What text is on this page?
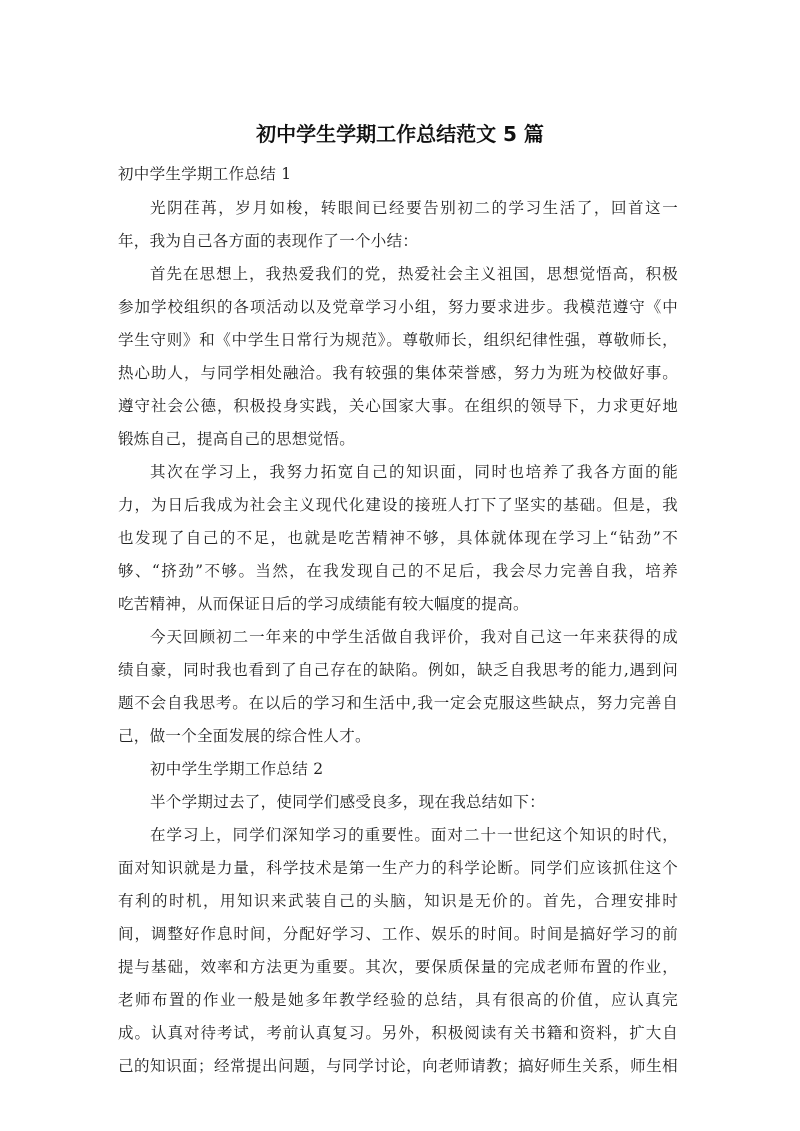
初中学生学期工作总结范文 5 篇
初中学生学期工作总结 1
光阴荏苒，岁月如梭，转眼间已经要告别初二的学习生活了，回首这一
年，我为自己各方面的表现作了一个小结：
首先在思想上，我热爱我们的党，热爱社会主义祖国，思想觉悟高，积极
参加学校组织的各项活动以及党章学习小组，努力要求进步。我模范遵守《中
学生守则》和《中学生日常行为规范》。尊敬师长，组织纪律性强，尊敬师长，
热心助人，与同学相处融洽。我有较强的集体荣誉感，努力为班为校做好事。
遵守社会公德，积极投身实践，关心国家大事。在组织的领导下，力求更好地
锻炼自己，提高自己的思想觉悟。
其次在学习上，我努力拓宽自己的知识面，同时也培养了我各方面的能
力，为日后我成为社会主义现代化建设的接班人打下了坚实的基础。但是，我
也发现了自己的不足，也就是吃苦精神不够，具体就体现在学习上“钻劲”不
够、“挤劲”不够。当然，在我发现自己的不足后，我会尽力完善自我，培养
吃苦精神，从而保证日后的学习成绩能有较大幅度的提高。
今天回顾初二一年来的中学生活做自我评价，我对自己这一年来获得的成
绩自豪，同时我也看到了自己存在的缺陷。例如，缺乏自我思考的能力,遇到问
题不会自我思考。在以后的学习和生活中,我一定会克服这些缺点，努力完善自
己，做一个全面发展的综合性人才。
初中学生学期工作总结 2
半个学期过去了，使同学们感受良多，现在我总结如下：
在学习上，同学们深知学习的重要性。面对二十一世纪这个知识的时代，
面对知识就是力量，科学技术是第一生产力的科学论断。同学们应该抓住这个
有利的时机，用知识来武装自己的头脑，知识是无价的。首先，合理安排时
间，调整好作息时间，分配好学习、工作、娱乐的时间。时间是搞好学习的前
提与基础，效率和方法更为重要。其次，要保质保量的完成老师布置的作业，
老师布置的作业一般是她多年教学经验的总结，具有很高的价值，应认真完
成。认真对待考试，考前认真复习。另外，积极阅读有关书籍和资料，扩大自
己的知识面；经常提出问题，与同学讨论，向老师请教；搞好师生关系，师生相
